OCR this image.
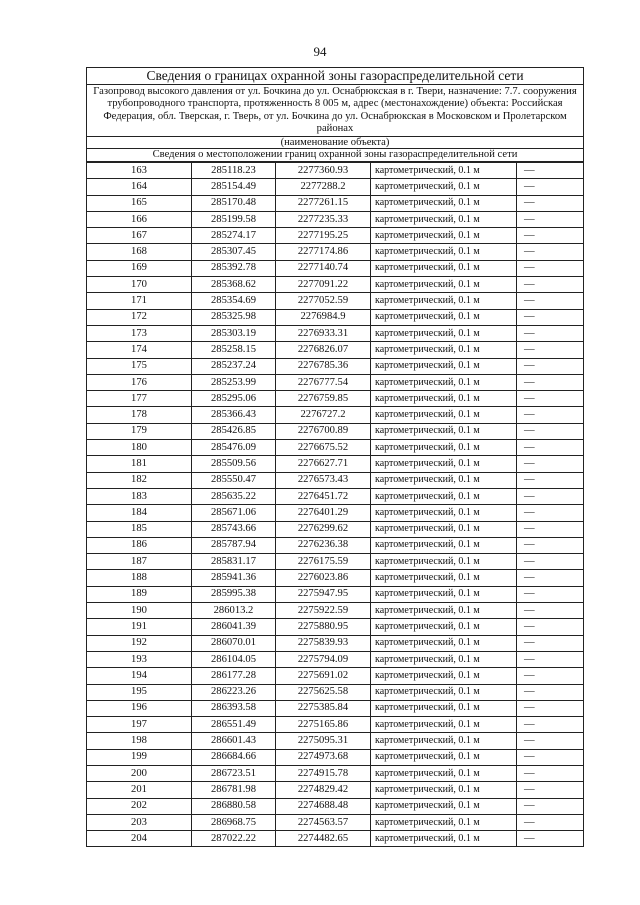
94
Сведения о границах охранной зоны газораспределительной сети
Газопровод высокого давления от ул. Бочкина до ул. Оснабрюкская в г. Твери, назначение: 7.7. сооружения трубопроводного транспорта, протяженность 8 005 м, адрес (местонахождение) объекта: Российская Федерация, обл. Тверская, г. Тверь, от ул. Бочкина до ул. Оснабрюкская в Московском и Пролетарском районах
(наименование объекта)
Сведения о местоположении границ охранной зоны газораспределительной сети
163	285118.23	2277360.93	картометрический, 0.1 м	—
164	285154.49	2277288.2	картометрический, 0.1 м	—
165	285170.48	2277261.15	картометрический, 0.1 м	—
166	285199.58	2277235.33	картометрический, 0.1 м	—
167	285274.17	2277195.25	картометрический, 0.1 м	—
168	285307.45	2277174.86	картометрический, 0.1 м	—
169	285392.78	2277140.74	картометрический, 0.1 м	—
170	285368.62	2277091.22	картометрический, 0.1 м	—
171	285354.69	2277052.59	картометрический, 0.1 м	—
172	285325.98	2276984.9	картометрический, 0.1 м	—
173	285303.19	2276933.31	картометрический, 0.1 м	—
174	285258.15	2276826.07	картометрический, 0.1 м	—
175	285237.24	2276785.36	картометрический, 0.1 м	—
176	285253.99	2276777.54	картометрический, 0.1 м	—
177	285295.06	2276759.85	картометрический, 0.1 м	—
178	285366.43	2276727.2	картометрический, 0.1 м	—
179	285426.85	2276700.89	картометрический, 0.1 м	—
180	285476.09	2276675.52	картометрический, 0.1 м	—
181	285509.56	2276627.71	картометрический, 0.1 м	—
182	285550.47	2276573.43	картометрический, 0.1 м	—
183	285635.22	2276451.72	картометрический, 0.1 м	—
184	285671.06	2276401.29	картометрический, 0.1 м	—
185	285743.66	2276299.62	картометрический, 0.1 м	—
186	285787.94	2276236.38	картометрический, 0.1 м	—
187	285831.17	2276175.59	картометрический, 0.1 м	—
188	285941.36	2276023.86	картометрический, 0.1 м	—
189	285995.38	2275947.95	картометрический, 0.1 м	—
190	286013.2	2275922.59	картометрический, 0.1 м	—
191	286041.39	2275880.95	картометрический, 0.1 м	—
192	286070.01	2275839.93	картометрический, 0.1 м	—
193	286104.05	2275794.09	картометрический, 0.1 м	—
194	286177.28	2275691.02	картометрический, 0.1 м	—
195	286223.26	2275625.58	картометрический, 0.1 м	—
196	286393.58	2275385.84	картометрический, 0.1 м	—
197	286551.49	2275165.86	картометрический, 0.1 м	—
198	286601.43	2275095.31	картометрический, 0.1 м	—
199	286684.66	2274973.68	картометрический, 0.1 м	—
200	286723.51	2274915.78	картометрический, 0.1 м	—
201	286781.98	2274829.42	картометрический, 0.1 м	—
202	286880.58	2274688.48	картометрический, 0.1 м	—
203	286968.75	2274563.57	картометрический, 0.1 м	—
204	287022.22	2274482.65	картометрический, 0.1 м	—
